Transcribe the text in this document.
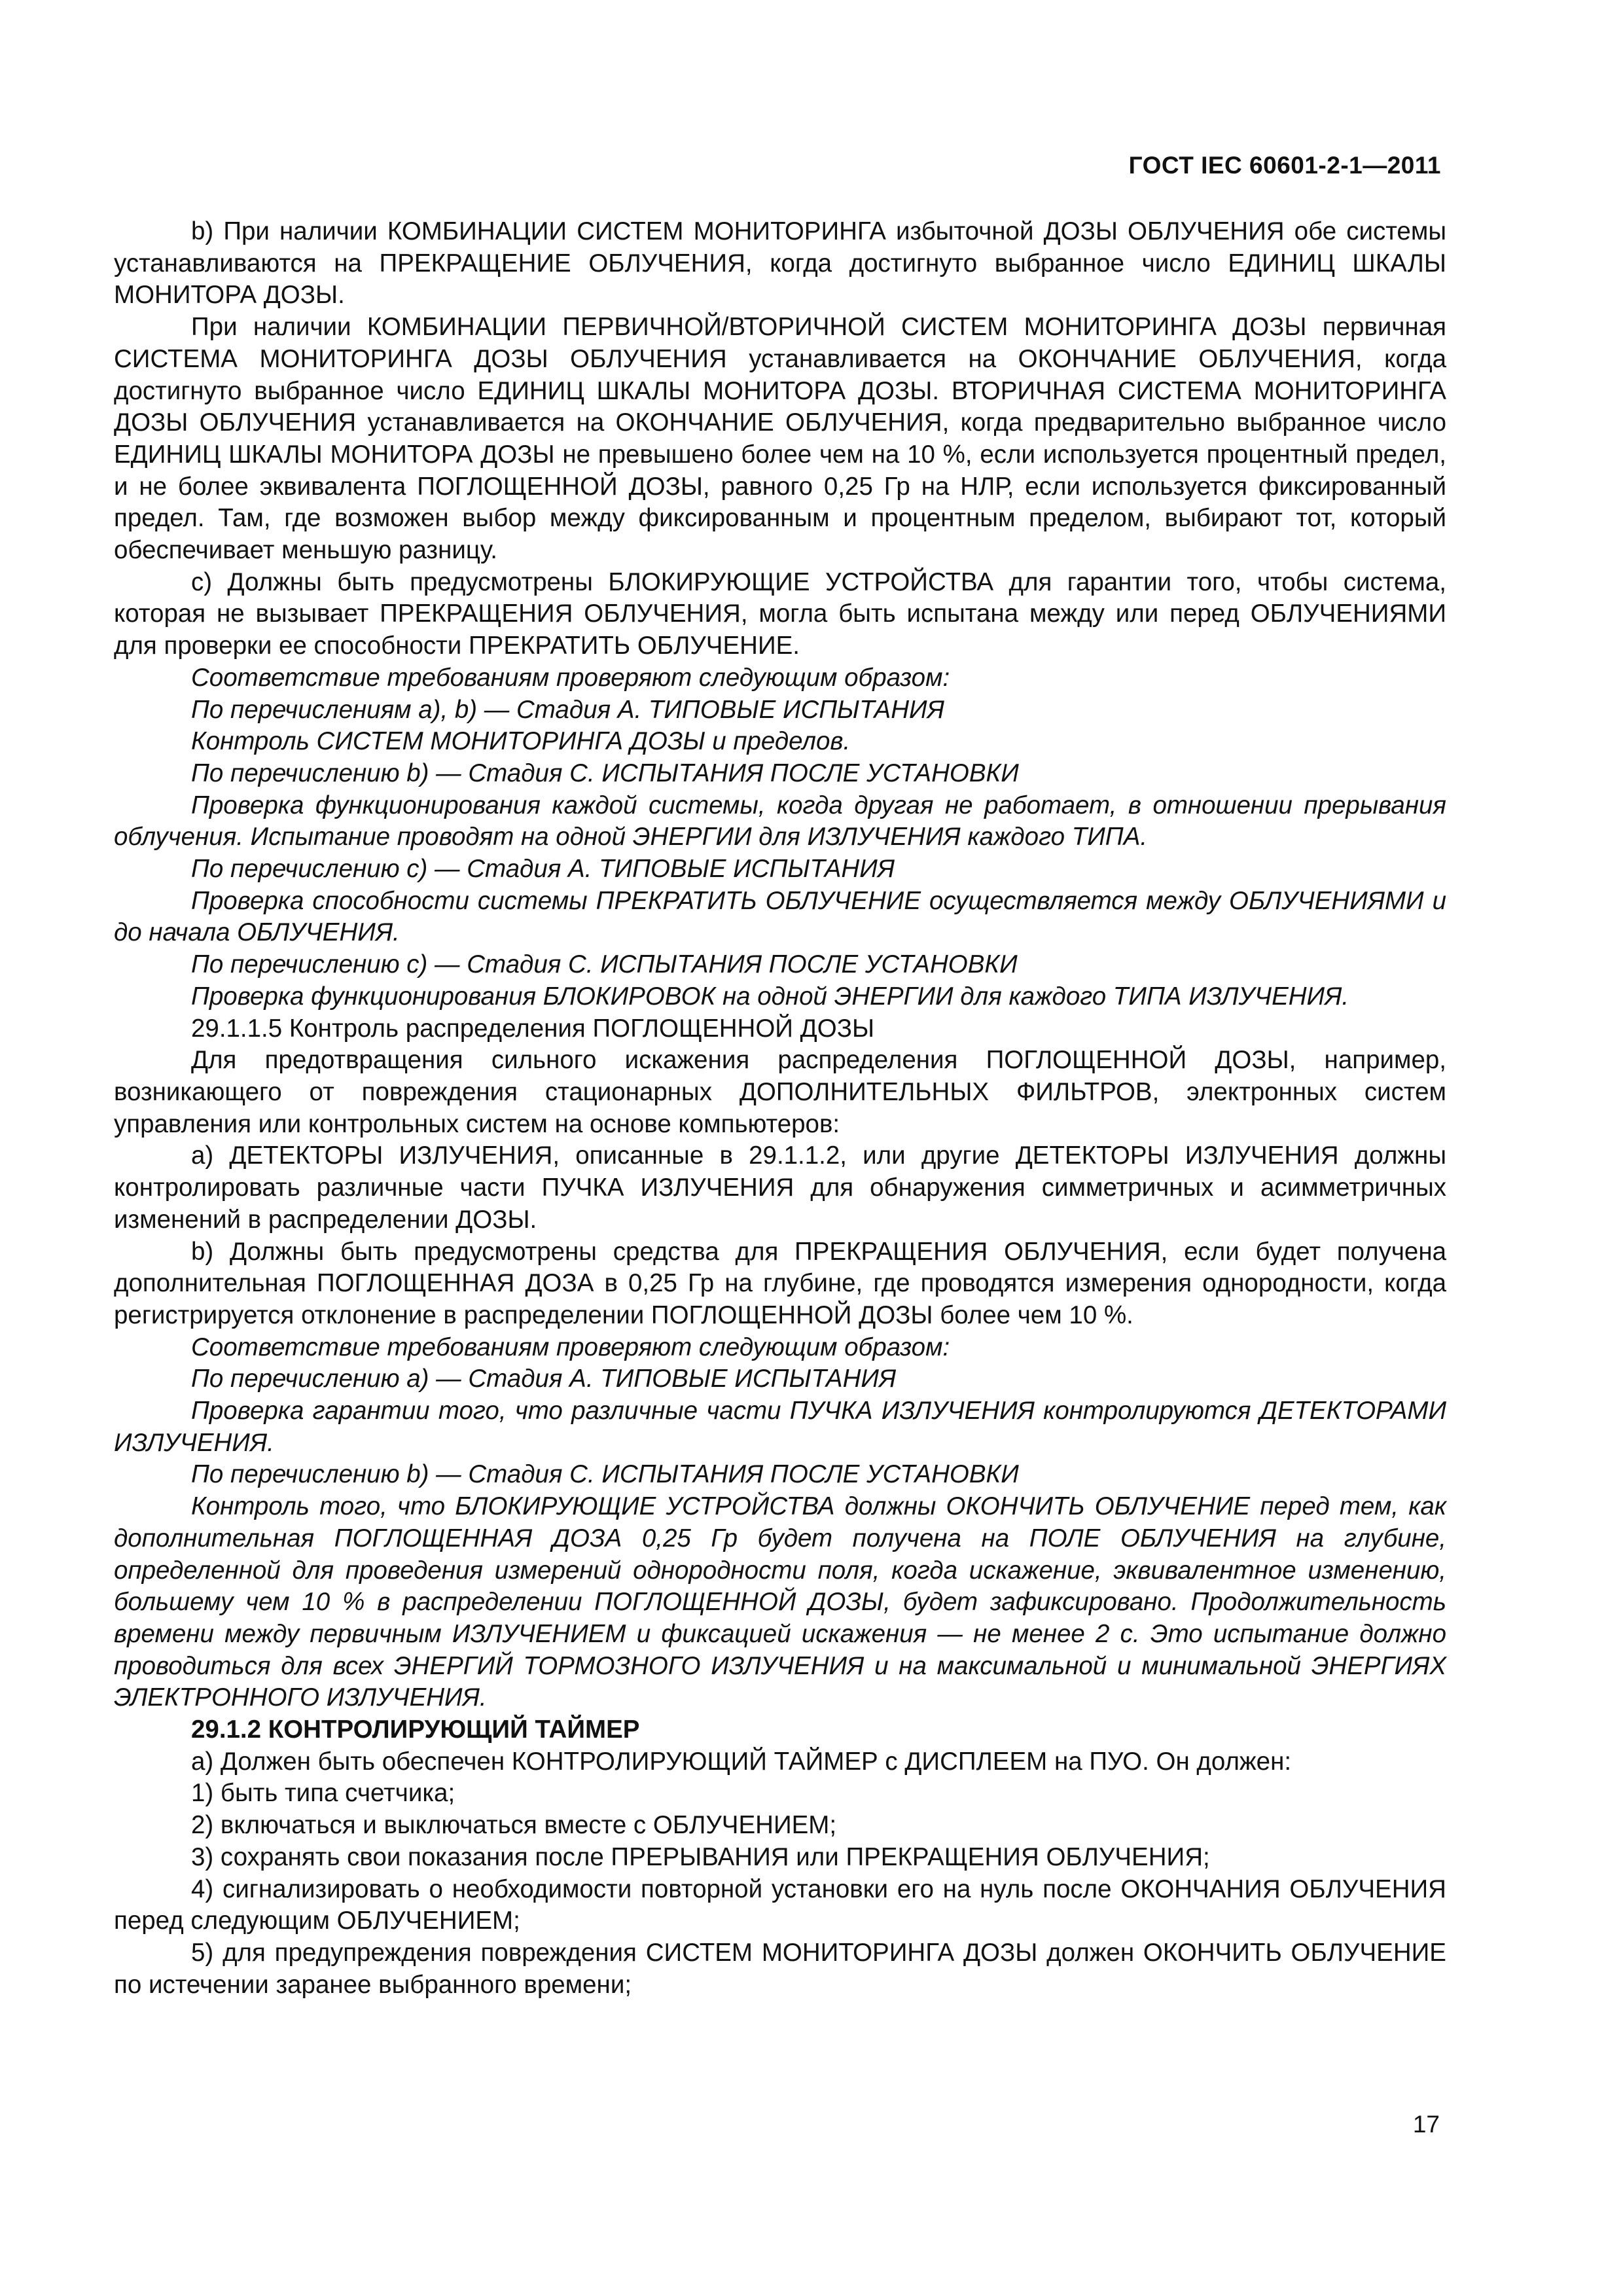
ГОСТ IEC 60601-2-1—2011

b) При наличии КОМБИНАЦИИ СИСТЕМ МОНИТОРИНГА избыточной ДОЗЫ ОБЛУЧЕНИЯ обе системы устанавливаются на ПРЕКРАЩЕНИЕ ОБЛУЧЕНИЯ, когда достигнуто выбранное число ЕДИНИЦ ШКАЛЫ МОНИТОРА ДОЗЫ.

При наличии КОМБИНАЦИИ ПЕРВИЧНОЙ/ВТОРИЧНОЙ СИСТЕМ МОНИТОРИНГА ДОЗЫ первичная СИСТЕМА МОНИТОРИНГА ДОЗЫ ОБЛУЧЕНИЯ устанавливается на ОКОНЧАНИЕ ОБЛУЧЕНИЯ, когда достигнуто выбранное число ЕДИНИЦ ШКАЛЫ МОНИТОРА ДОЗЫ. ВТОРИЧНАЯ СИСТЕМА МОНИТОРИНГА ДОЗЫ ОБЛУЧЕНИЯ устанавливается на ОКОНЧАНИЕ ОБЛУЧЕНИЯ, когда предварительно выбранное число ЕДИНИЦ ШКАЛЫ МОНИТОРА ДОЗЫ не превышено более чем на 10 %, если используется процентный предел, и не более эквивалента ПОГЛОЩЕННОЙ ДОЗЫ, равного 0,25 Гр на НЛР, если используется фиксированный предел. Там, где возможен выбор между фиксированным и процентным пределом, выбирают тот, который обеспечивает меньшую разницу.

c) Должны быть предусмотрены БЛОКИРУЮЩИЕ УСТРОЙСТВА для гарантии того, чтобы система, которая не вызывает ПРЕКРАЩЕНИЯ ОБЛУЧЕНИЯ, могла быть испытана между или перед ОБЛУЧЕНИЯМИ для проверки ее способности ПРЕКРАТИТЬ ОБЛУЧЕНИЕ.

Соответствие требованиям проверяют следующим образом:

По перечислениям a), b) — Стадия А. ТИПОВЫЕ ИСПЫТАНИЯ

Контроль СИСТЕМ МОНИТОРИНГА ДОЗЫ и пределов.

По перечислению b) — Стадия С. ИСПЫТАНИЯ ПОСЛЕ УСТАНОВКИ

Проверка функционирования каждой системы, когда другая не работает, в отношении прерывания облучения. Испытание проводят на одной ЭНЕРГИИ для ИЗЛУЧЕНИЯ каждого ТИПА.

По перечислению c) — Стадия А. ТИПОВЫЕ ИСПЫТАНИЯ

Проверка способности системы ПРЕКРАТИТЬ ОБЛУЧЕНИЕ осуществляется между ОБЛУЧЕНИЯМИ и до начала ОБЛУЧЕНИЯ.

По перечислению c) — Стадия С. ИСПЫТАНИЯ ПОСЛЕ УСТАНОВКИ

Проверка функционирования БЛОКИРОВОК на одной ЭНЕРГИИ для каждого ТИПА ИЗЛУЧЕНИЯ.

29.1.1.5 Контроль распределения ПОГЛОЩЕННОЙ ДОЗЫ

Для предотвращения сильного искажения распределения ПОГЛОЩЕННОЙ ДОЗЫ, например, возникающего от повреждения стационарных ДОПОЛНИТЕЛЬНЫХ ФИЛЬТРОВ, электронных систем управления или контрольных систем на основе компьютеров:

a) ДЕТЕКТОРЫ ИЗЛУЧЕНИЯ, описанные в 29.1.1.2, или другие ДЕТЕКТОРЫ ИЗЛУЧЕНИЯ должны контролировать различные части ПУЧКА ИЗЛУЧЕНИЯ для обнаружения симметричных и асимметричных изменений в распределении ДОЗЫ.

b) Должны быть предусмотрены средства для ПРЕКРАЩЕНИЯ ОБЛУЧЕНИЯ, если будет получена дополнительная ПОГЛОЩЕННАЯ ДОЗА в 0,25 Гр на глубине, где проводятся измерения однородности, когда регистрируется отклонение в распределении ПОГЛОЩЕННОЙ ДОЗЫ более чем 10 %.

Соответствие требованиям проверяют следующим образом:

По перечислению a) — Стадия А. ТИПОВЫЕ ИСПЫТАНИЯ

Проверка гарантии того, что различные части ПУЧКА ИЗЛУЧЕНИЯ контролируются ДЕТЕКТОРАМИ ИЗЛУЧЕНИЯ.

По перечислению b) — Стадия С. ИСПЫТАНИЯ ПОСЛЕ УСТАНОВКИ

Контроль того, что БЛОКИРУЮЩИЕ УСТРОЙСТВА должны ОКОНЧИТЬ ОБЛУЧЕНИЕ перед тем, как дополнительная ПОГЛОЩЕННАЯ ДОЗА 0,25 Гр будет получена на ПОЛЕ ОБЛУЧЕНИЯ на глубине, определенной для проведения измерений однородности поля, когда искажение, эквивалентное изменению, большему чем 10 % в распределении ПОГЛОЩЕННОЙ ДОЗЫ, будет зафиксировано. Продолжительность времени между первичным ИЗЛУЧЕНИЕМ и фиксацией искажения — не менее 2 с. Это испытание должно проводиться для всех ЭНЕРГИЙ ТОРМОЗНОГО ИЗЛУЧЕНИЯ и на максимальной и минимальной ЭНЕРГИЯХ ЭЛЕКТРОННОГО ИЗЛУЧЕНИЯ.

29.1.2 КОНТРОЛИРУЮЩИЙ ТАЙМЕР

a) Должен быть обеспечен КОНТРОЛИРУЮЩИЙ ТАЙМЕР с ДИСПЛЕЕМ на ПУО. Он должен:

1) быть типа счетчика;

2) включаться и выключаться вместе с ОБЛУЧЕНИЕМ;

3) сохранять свои показания после ПРЕРЫВАНИЯ или ПРЕКРАЩЕНИЯ ОБЛУЧЕНИЯ;

4) сигнализировать о необходимости повторной установки его на нуль после ОКОНЧАНИЯ ОБЛУЧЕНИЯ перед следующим ОБЛУЧЕНИЕМ;

5) для предупреждения повреждения СИСТЕМ МОНИТОРИНГА ДОЗЫ должен ОКОНЧИТЬ ОБЛУЧЕНИЕ по истечении заранее выбранного времени;

17
